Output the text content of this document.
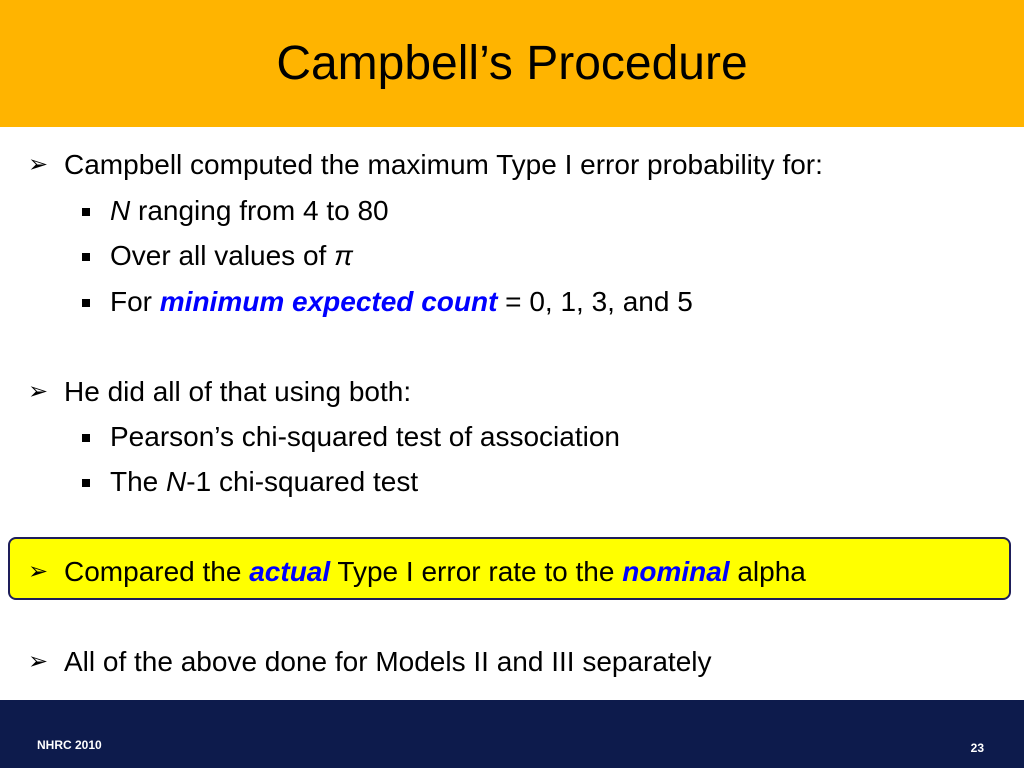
Campbell’s Procedure
➢ Campbell computed the maximum Type I error probability for:
N ranging from 4 to 80
Over all values of π
For minimum expected count = 0, 1, 3, and 5
➢ He did all of that using both:
Pearson’s chi-squared test of association
The N -1 chi-squared test
➢ Compared the actual Type I error rate to the nominal alpha
➢ All of the above done for Models II and III separately
NHRC 2010	23
